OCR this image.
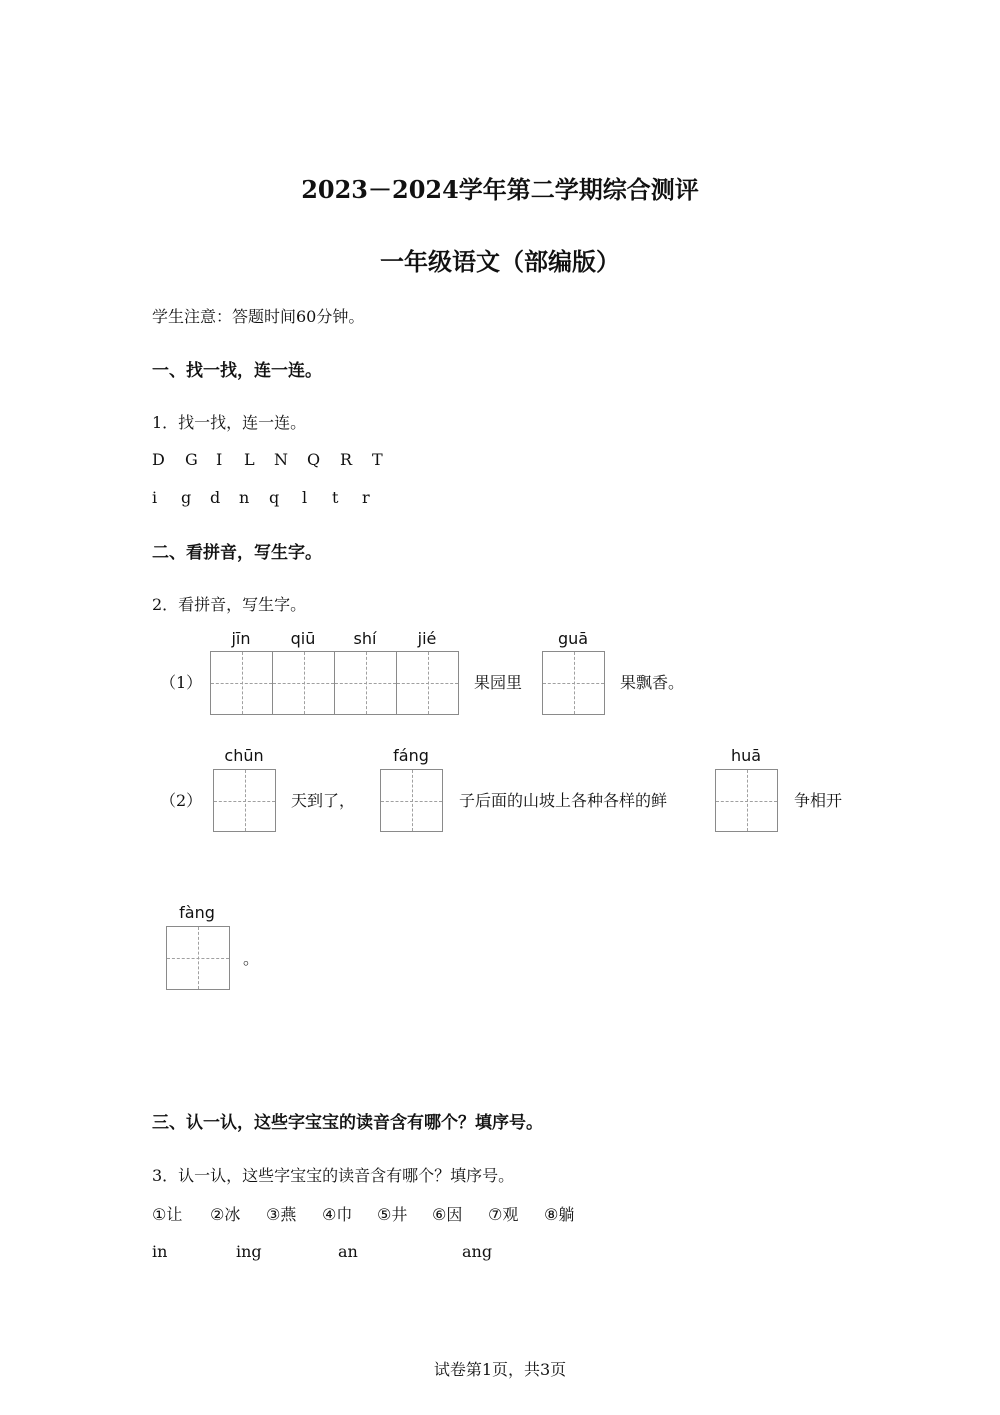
2023－2024学年第二学期综合测评
一年级语文（部编版）
学生注意：答题时间60分钟。
一、找一找，连一连。
1．找一找，连一连。
D G I L N Q R T
i g d n q l t r
二、看拼音，写生字。
2．看拼音，写生字。
（1）
jīn	qiū	shí	jié
果园里
guā
果飘香。
（2）
chūn
天到了，
fáng
子后面的山坡上各种各样的鲜
huā
争相开
fàng
。
三、认一认，这些字宝宝的读音含有哪个？填序号。
3．认一认，这些字宝宝的读音含有哪个？填序号。
①让 ②冰 ③燕 ④巾 ⑤井 ⑥因 ⑦观 ⑧躺
in	ing	an	ang
试卷第1页，共3页
